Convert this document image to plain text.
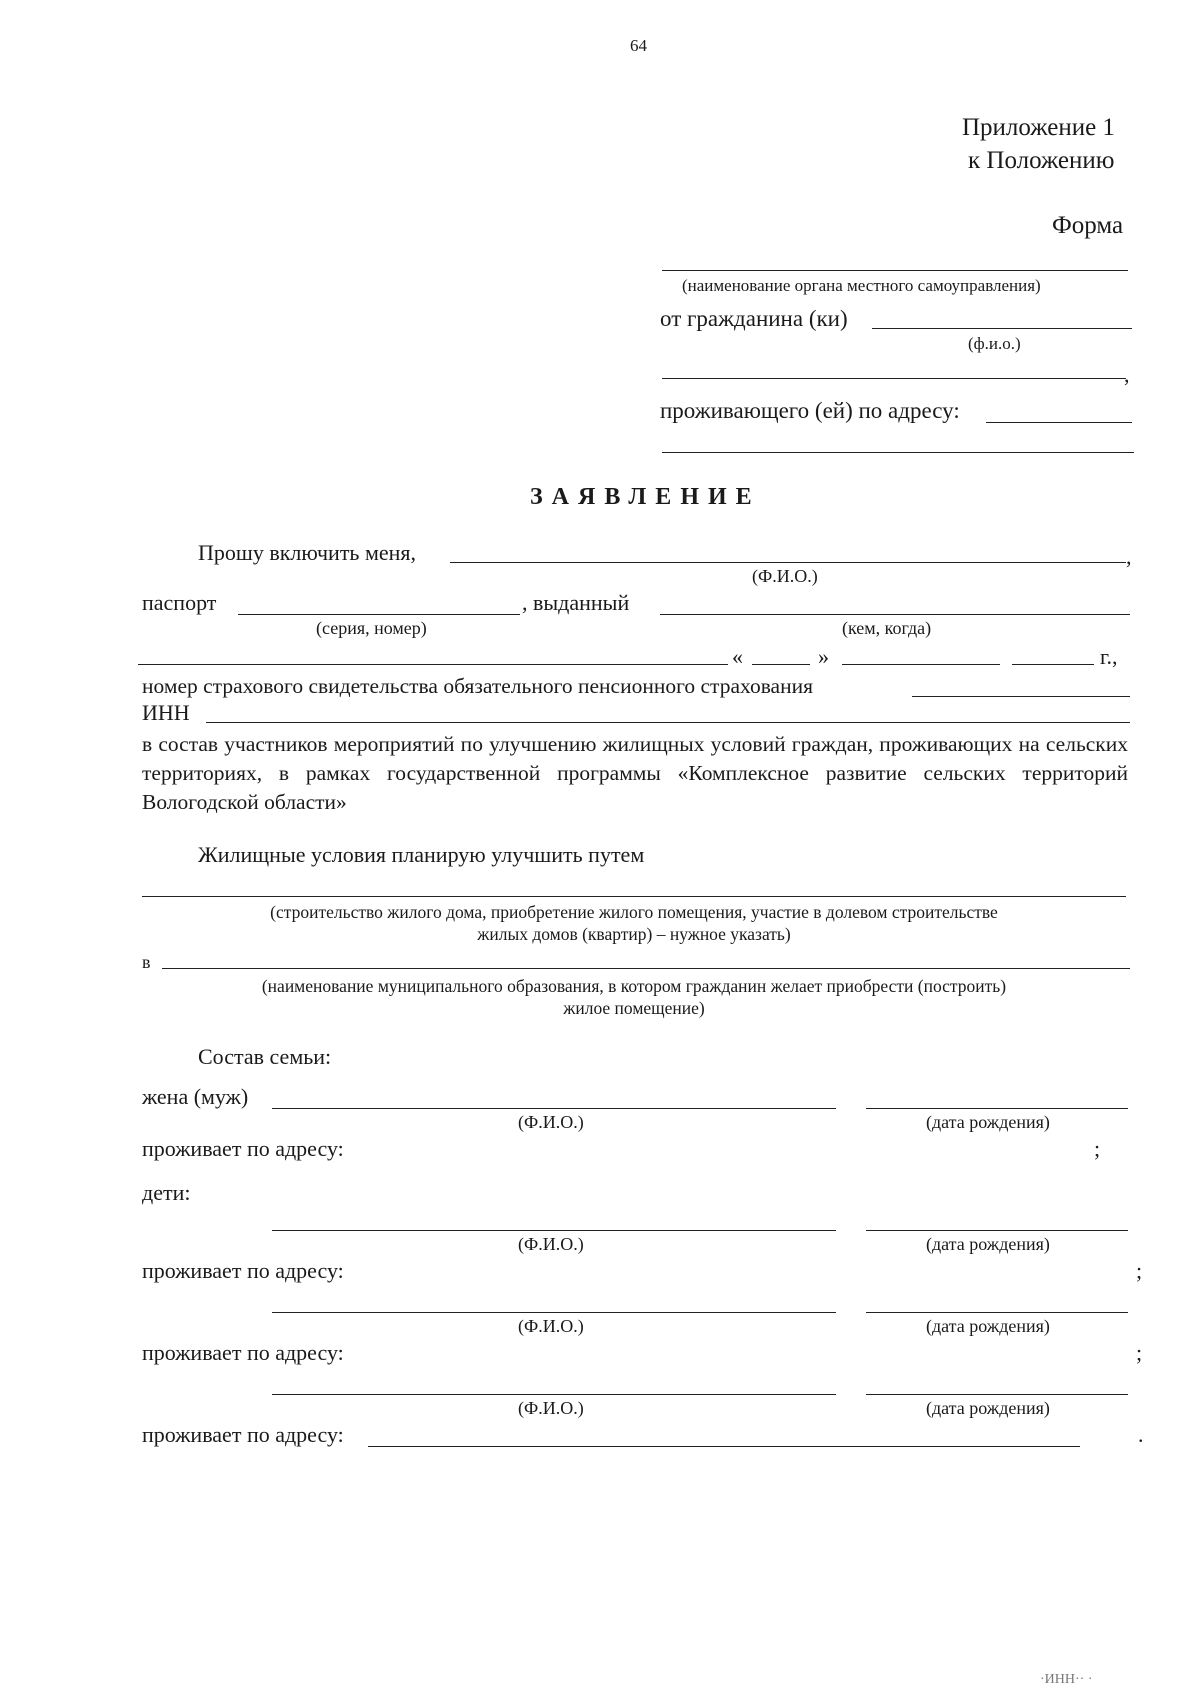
64
Приложение 1
к Положению
Форма
(наименование органа местного самоуправления)
от гражданина (ки)
(ф.и.о.)
,
проживающего (ей) по адресу:
ЗАЯВЛЕНИЕ
Прошу включить меня,	,
(Ф.И.О.)
паспорт	, выданный
(серия, номер)	(кем, когда)
«	»	г.,
номер страхового свидетельства обязательного пенсионного страхования
ИНН
в состав участников мероприятий по улучшению жилищных условий граждан, проживающих на сельских территориях, в рамках государственной программы «Комплексное развитие сельских территорий Вологодской области»
Жилищные условия планирую улучшить путем
(строительство жилого дома, приобретение жилого помещения, участие в долевом строительстве
жилых домов (квартир) – нужное указать)
в
(наименование муниципального образования, в котором гражданин желает приобрести (построить)
жилое помещение)
Состав семьи:
жена (муж)
(Ф.И.О.)	(дата рождения)
проживает по адресу:	;
дети:
(Ф.И.О.)	(дата рождения)
проживает по адресу:	;
(Ф.И.О.)	(дата рождения)
проживает по адресу:	;
(Ф.И.О.)	(дата рождения)
проживает по адресу:	.
·ИНН·· ·
